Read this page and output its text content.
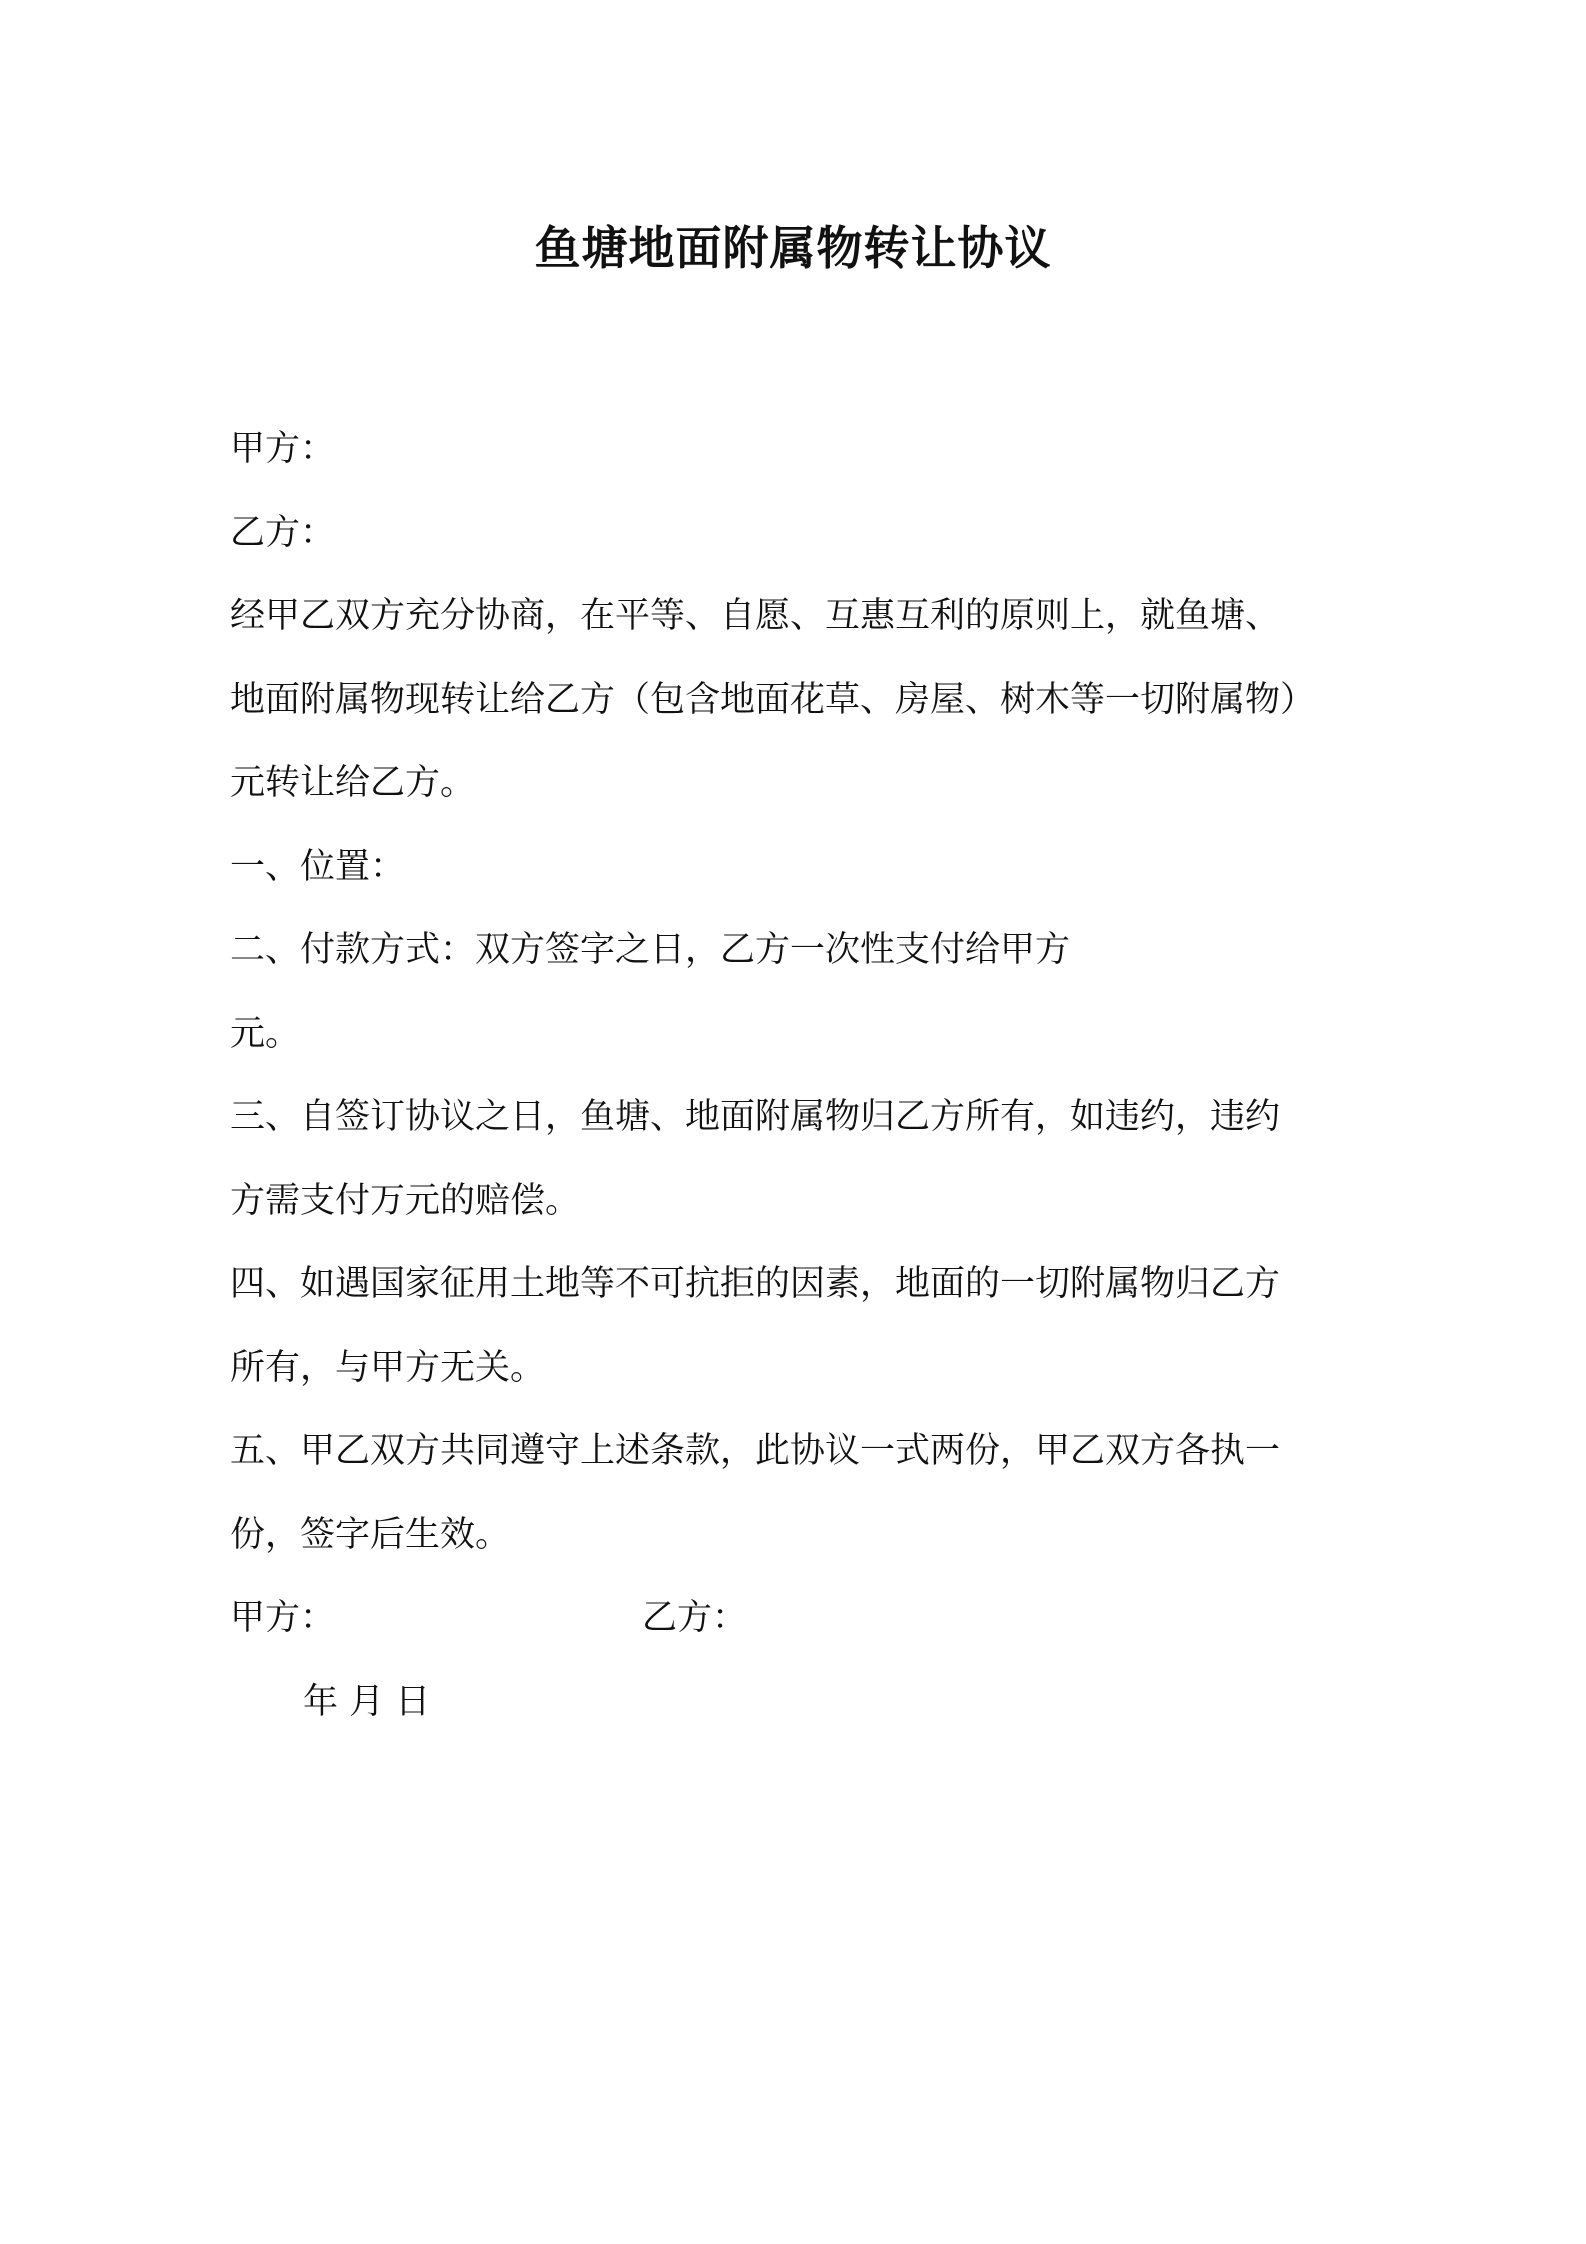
鱼塘地面附属物转让协议
甲方：
乙方：
经甲乙双方充分协商，在平等、自愿、互惠互利的原则上，就鱼塘、
地面附属物现转让给乙方（包含地面花草、房屋、树木等一切附属物）
元转让给乙方。
一、位置：
二、付款方式：双方签字之日，乙方一次性支付给甲方
元。
三、自签订协议之日，鱼塘、地面附属物归乙方所有，如违约，违约
方需支付万元的赔偿。
四、如遇国家征用土地等不可抗拒的因素，地面的一切附属物归乙方
所有，与甲方无关。
五、甲乙双方共同遵守上述条款，此协议一式两份，甲乙双方各执一
份，签字后生效。
甲方：	乙方：
年 月 日
